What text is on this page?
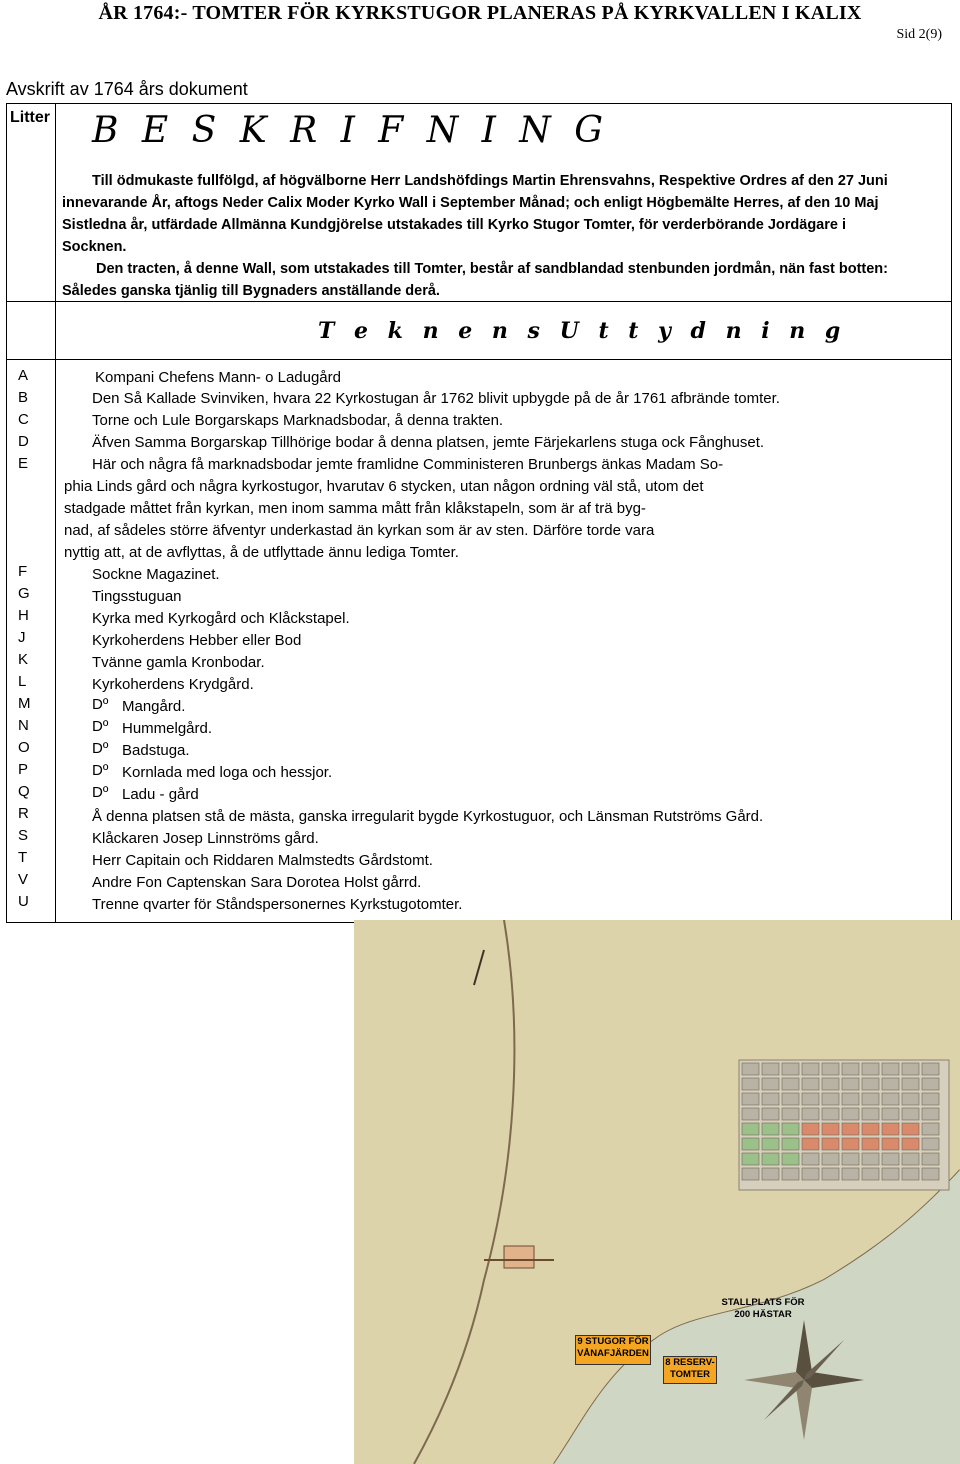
ÅR 1764:- TOMTER FÖR KYRKSTUGOR PLANERAS PÅ KYRKVALLEN I KALIX
Sid 2(9)
Avskrift av 1764 års dokument
Litter B E S K R I F N I N G
Till ödmukaste fullfölgd, af högvälborne Herr Landshöfdings Martin Ehrensvahns, Respektive Ordres af den 27 Juni
innevarande År, aftogs Neder Calix Moder Kyrko Wall i September Månad; och enligt Högbemälte Herres, af den 10 Maj
Sistledna år, utfärdade Allmänna Kundgjörelse utstakades till Kyrko Stugor Tomter, för verderbörande Jordägare i
Socknen.
Den tracten, å denne Wall, som utstakades till Tomter, består af sandblandad stenbunden jordmån, nän fast botten:
Således ganska tjänlig till Bygnaders anställande derå.
T e k n e n s U t t y d n i n g
A
B
C
D
E
F
G
H
J
K
L
M
N
O
P
Q
R
S
T
V
U
Kompani Chefens Mann- o Ladugård
Den Så Kallade Svinviken, hvara 22 Kyrkostugan år 1762 blivit upbygde på de år 1761 afbrände tomter.
Torne och Lule Borgarskaps Marknadsbodar, å denna trakten.
Äfven Samma Borgarskap Tillhörige bodar å denna platsen, jemte Färjekarlens stuga ock Fånghuset.
Här och några få marknadsbodar jemte framlidne Comministeren Brunbergs änkas Madam So-
phia Linds gård och några kyrkostugor, hvarutav 6 stycken, utan någon ordning väl stå, utom det
stadgade måttet från kyrkan, men inom samma mått från klåkstapeln, som är af trä byg-
nad, af sådeles större äfventyr underkastad än kyrkan som är av sten. Därföre torde vara
nyttig att, at de avflyttas, å de utflyttade ännu lediga Tomter.
Sockne Magazinet.
Tingsstuguan
Kyrka med Kyrkogård och Klåckstapel.
Kyrkoherdens Hebber eller Bod
Tvänne gamla Kronbodar.
Kyrkoherdens Krydgård.
Dº Mangård.
Dº Hummelgård.
Dº Badstuga.
Dº Kornlada med loga och hessjor.
Dº Ladu - gård
Å denna platsen stå de mästa, ganska irregularit bygde Kyrkostuguor, och Länsman Rutströms Gård.
Klåckaren Josep Linnströms gård.
Herr Capitain och Riddaren Malmstedts Gårdstomt.
Andre Fon Captenskan Sara Dorotea Holst gårrd.
Trenne qvarter för Ståndspersonernes Kyrkstugotomter.
STALLPLATS FÖR
200 HÄSTAR
9 STUGOR FÖR
VÅNAFJÄRDEN
8 RESERV-
TOMTER
